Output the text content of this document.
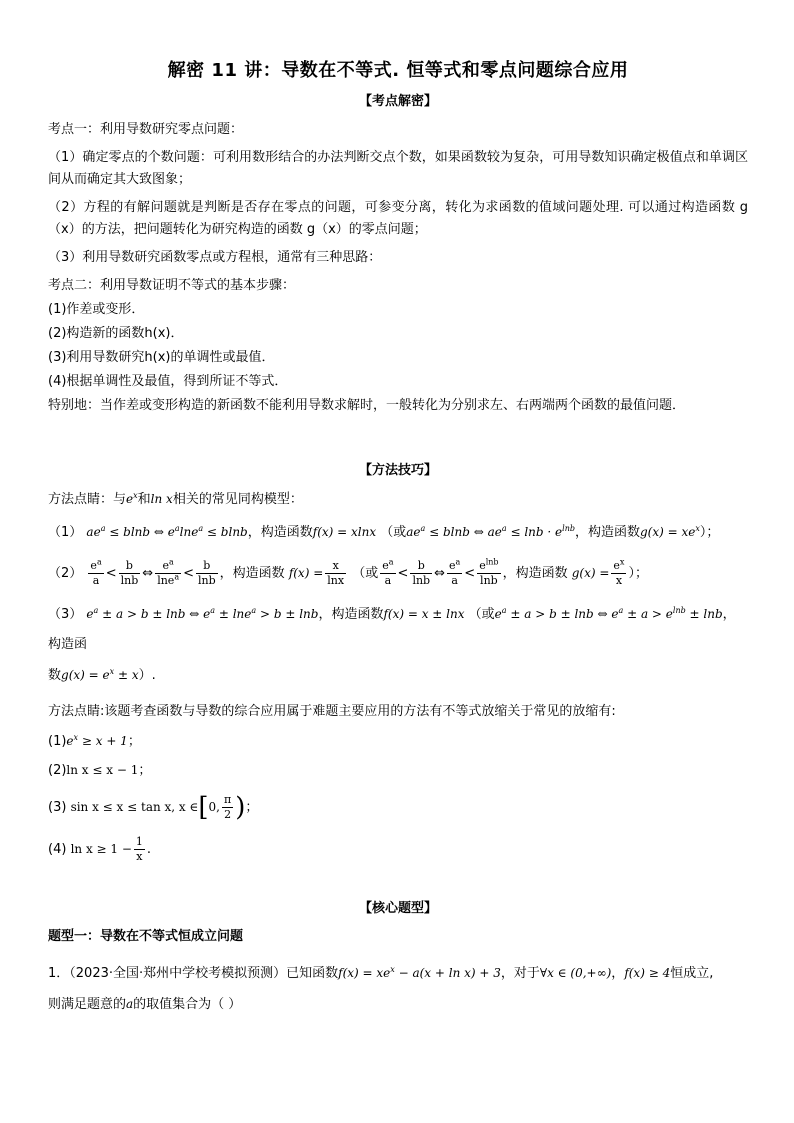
解密 11 讲：导数在不等式. 恒等式和零点问题综合应用
【考点解密】

考点一：利用导数研究零点问题：

（1）确定零点的个数问题：可利用数形结合的办法判断交点个数，如果函数较为复杂，可用导数知识确定极值点和单调区间从而确定其大致图象；

（2）方程的有解问题就是判断是否存在零点的问题，可参变分离，转化为求函数的值域问题处理. 可以通过构造函数 g（x）的方法，把问题转化为研究构造的函数 g（x）的零点问题；

（3）利用导数研究函数零点或方程根，通常有三种思路：

考点二：利用导数证明不等式的基本步骤：

(1)作差或变形．

(2)构造新的函数h(x)．

(3)利用导数研究h(x)的单调性或最值．

(4)根据单调性及最值，得到所证不等式．

特别地：当作差或变形构造的新函数不能利用导数求解时，一般转化为分别求左、右两端两个函数的最值问题．

【方法技巧】

方法点睛：与$e^x$和ln x相关的常见同构模型：

（1） $ae^a \le blnb$ ⇔ $e^a\ln e^a \le blnb$，构造函数f(x) = xlnx （或$ae^a \le blnb$ ⇔ $ae^a \le \ln b \cdot e^{lnb}$，构造函数$g(x) = xe^x$）；

$(2) \frac{e^a}{a} < \frac{b}{\ln b}$ ⇔ $\frac{e^a}{\ln e^a} < \frac{b}{\ln b}$ ，构造函数 $f(x) = \frac{x}{\ln x}$ （或 $\frac{e^a}{a} < \frac{b}{\ln b}$ ⇔ $\frac{e^a}{a} < \frac{e^{lnb}}{\ln b}$ ，构造函数 $g(x) = \frac{e^x}{x}$ ）；

（3） $e^a \pm a > b \pm \ln b$ ⇔ $e^a \pm \ln e^a > b \pm \ln b$，构造函数f(x) = x ± lnx （或$e^a \pm a > b \pm \ln b$ ⇔ $e^a \pm a > e^{lnb} \pm \ln b$，构造函

数$g(x) = e^x \pm x$）.

方法点睛:该题考查函数与导数的综合应用属于难题主要应用的方法有不等式放缩关于常见的放缩有:

$(1)e^x \ge x + 1$；

(2)ln x ≤ x − 1；

(3) sin x ≤ x ≤ tan x, x ∈[0, $\frac{\pi}{2}$ )；

(4) $\ln x \ge 1 - \frac{1}{x}$ .

【核心题型】

题型一：导数在不等式恒成立问题

1．（2023·全国·郑州中学校考模拟预测）已知函数$f(x) = xe^x - a(x + \ln x) + 3$，对于∀x ∈ (0,+∞)，f(x) ≥ 4恒成立,
则满足题意的a的取值集合为（ ）
